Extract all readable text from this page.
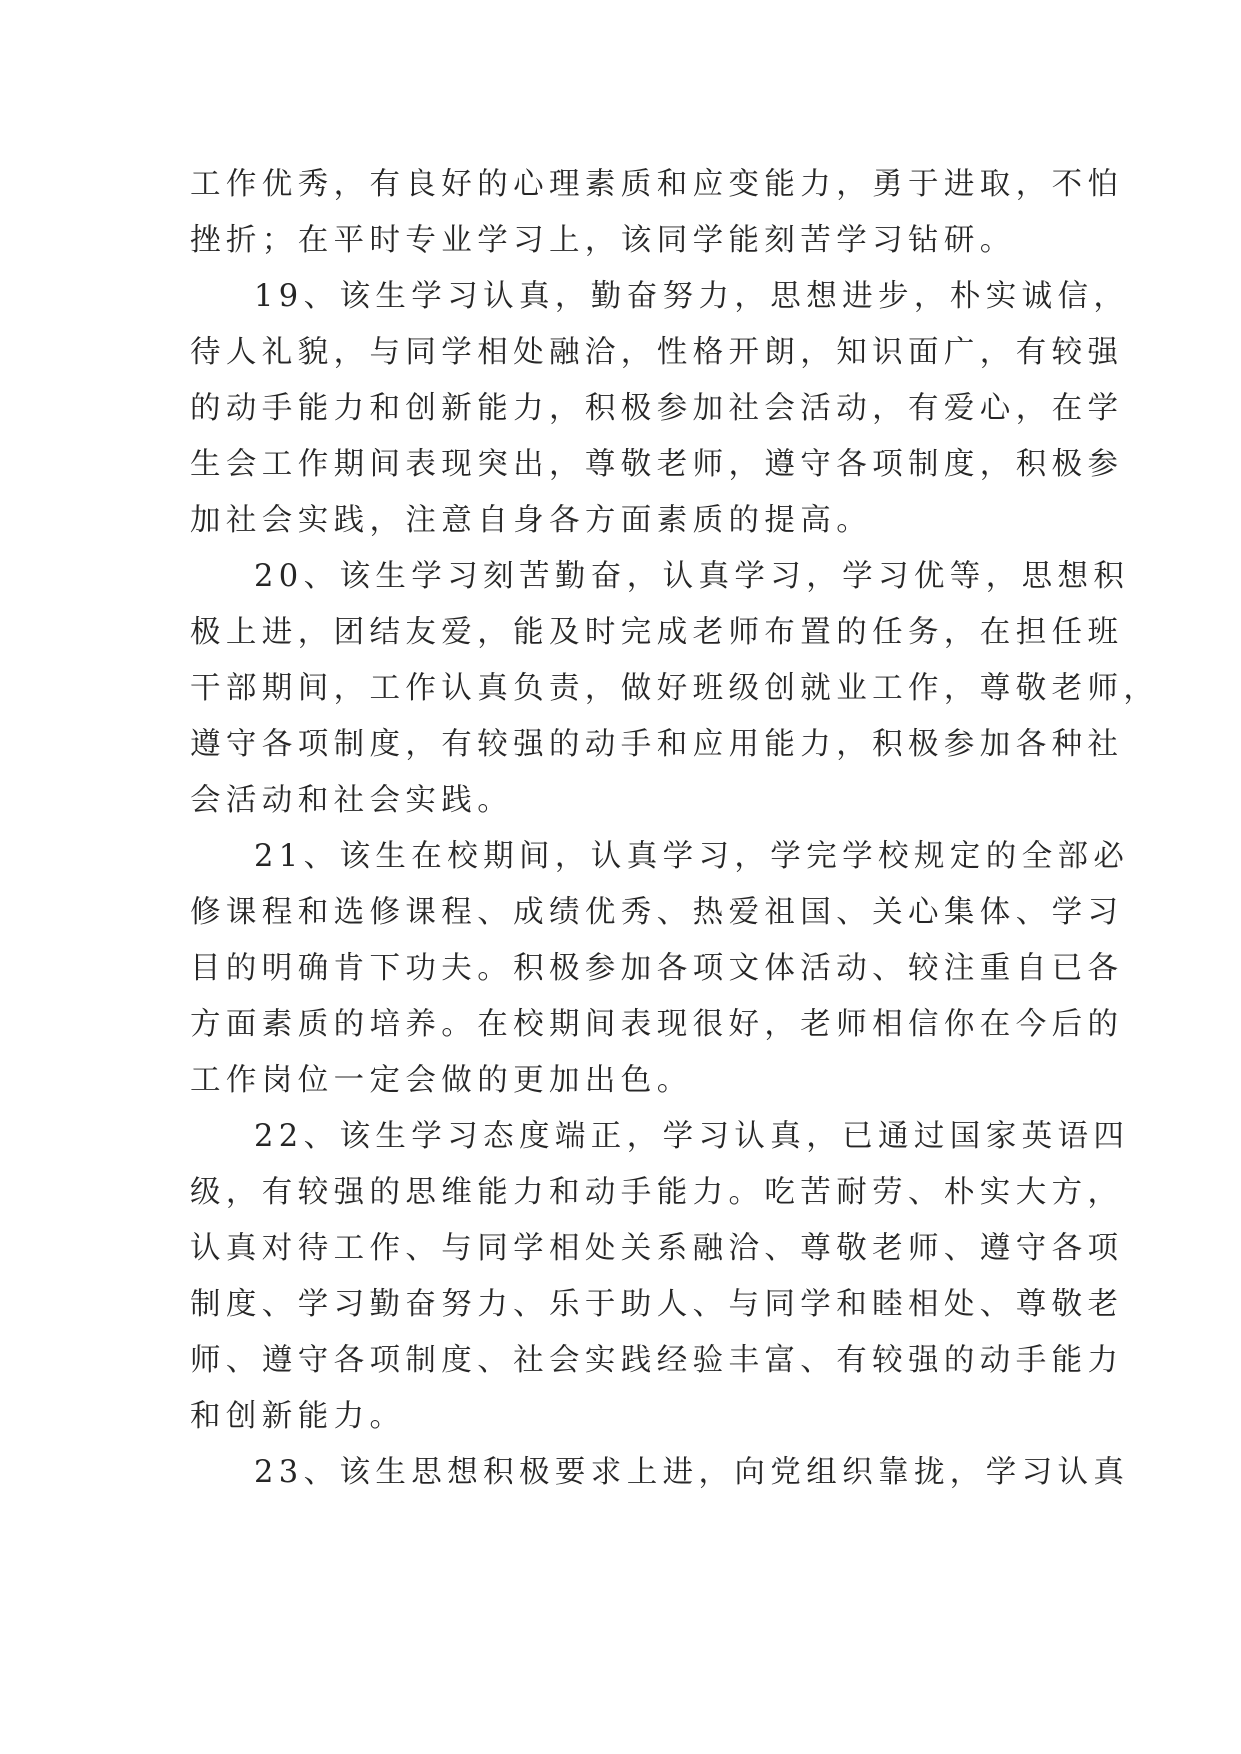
工作优秀，有良好的心理素质和应变能力，勇于进取，不怕
挫折；在平时专业学习上，该同学能刻苦学习钻研。
19、该生学习认真，勤奋努力，思想进步，朴实诚信，
待人礼貌，与同学相处融洽，性格开朗，知识面广，有较强
的动手能力和创新能力，积极参加社会活动，有爱心，在学
生会工作期间表现突出，尊敬老师，遵守各项制度，积极参
加社会实践，注意自身各方面素质的提高。
20、该生学习刻苦勤奋，认真学习，学习优等，思想积
极上进，团结友爱，能及时完成老师布置的任务，在担任班
干部期间，工作认真负责，做好班级创就业工作，尊敬老师，
遵守各项制度，有较强的动手和应用能力，积极参加各种社
会活动和社会实践。
21、该生在校期间，认真学习，学完学校规定的全部必
修课程和选修课程、成绩优秀、热爱祖国、关心集体、学习
目的明确肯下功夫。积极参加各项文体活动、较注重自已各
方面素质的培养。在校期间表现很好，老师相信你在今后的
工作岗位一定会做的更加出色。
22、该生学习态度端正，学习认真，已通过国家英语四
级，有较强的思维能力和动手能力。吃苦耐劳、朴实大方，
认真对待工作、与同学相处关系融洽、尊敬老师、遵守各项
制度、学习勤奋努力、乐于助人、与同学和睦相处、尊敬老
师、遵守各项制度、社会实践经验丰富、有较强的动手能力
和创新能力。
23、该生思想积极要求上进，向党组织靠拢，学习认真
